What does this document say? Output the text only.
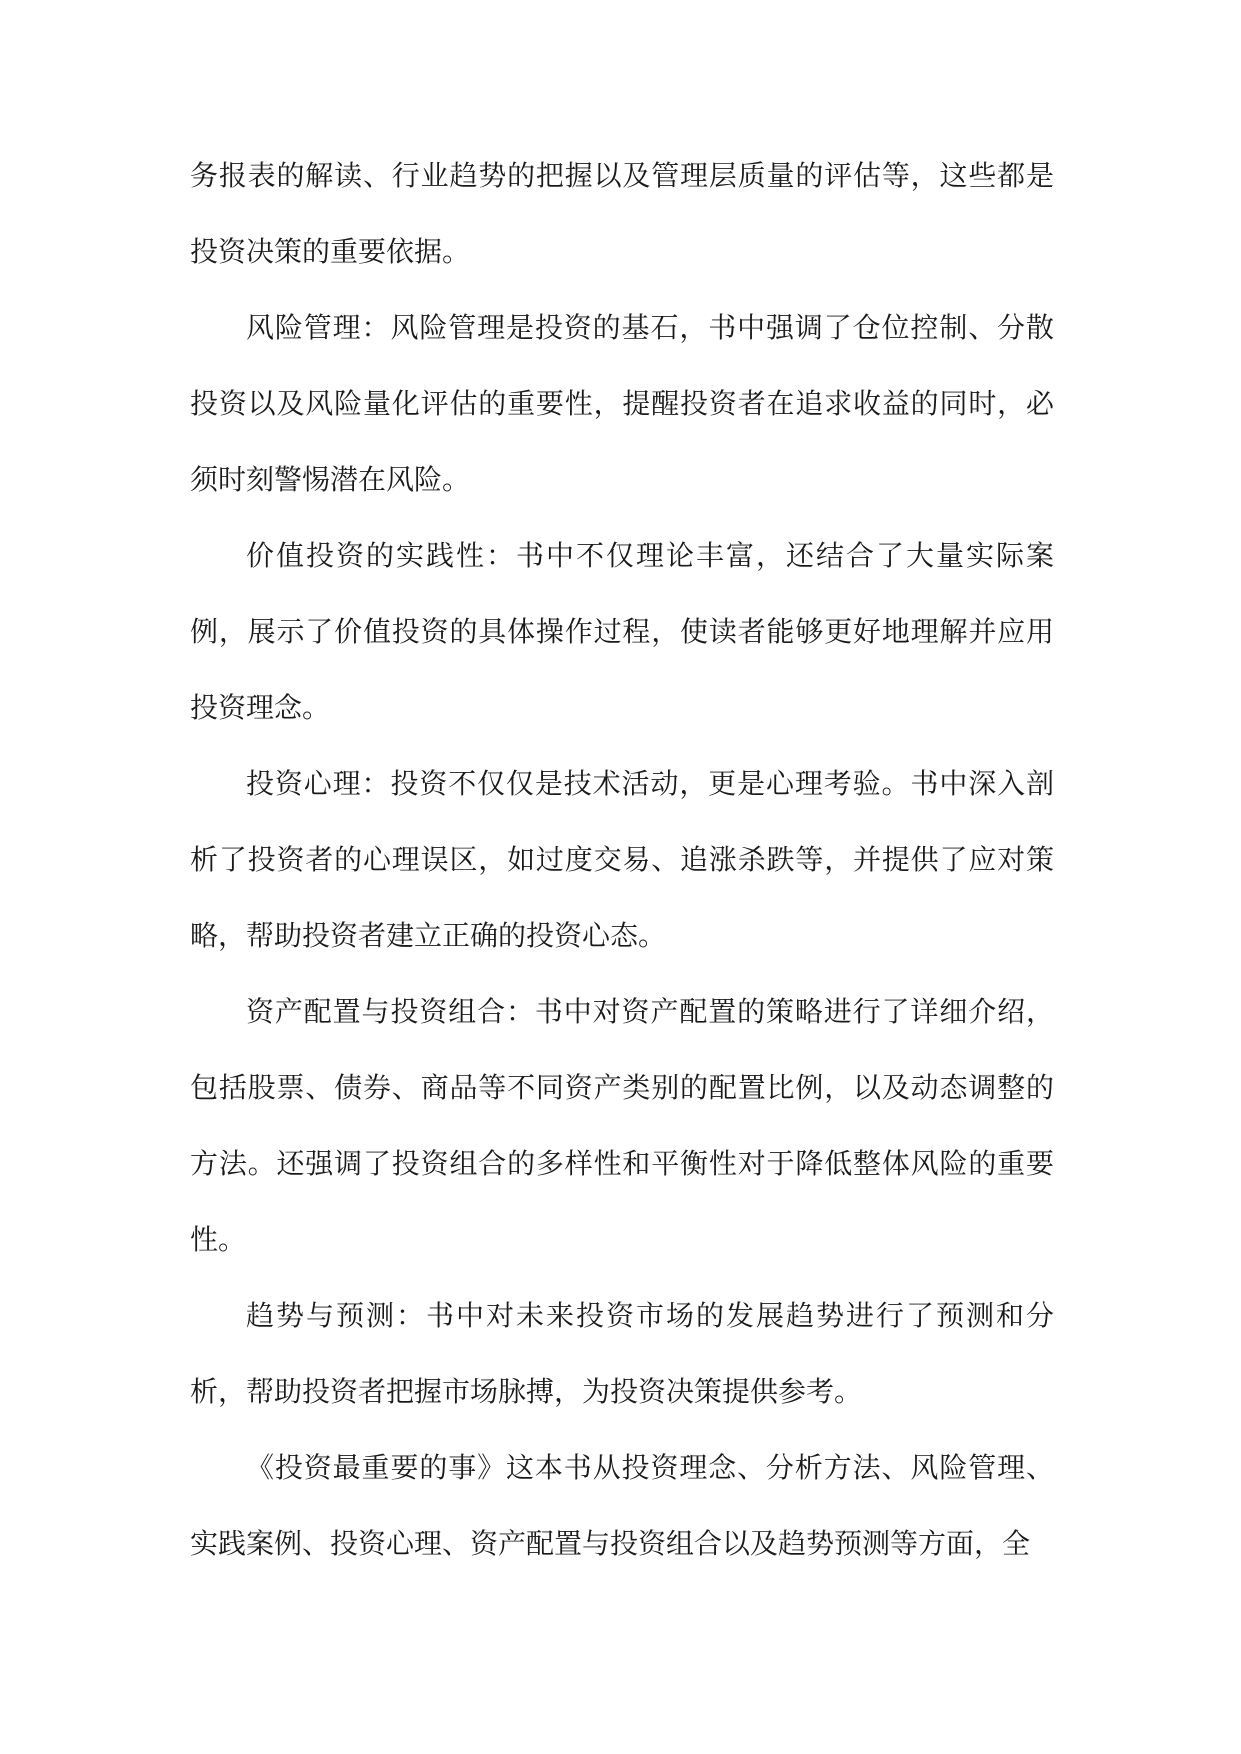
务报表的解读、行业趋势的把握以及管理层质量的评估等，这些都是投资决策的重要依据。

风险管理：风险管理是投资的基石，书中强调了仓位控制、分散投资以及风险量化评估的重要性，提醒投资者在追求收益的同时，必须时刻警惕潜在风险。

价值投资的实践性：书中不仅理论丰富，还结合了大量实际案例，展示了价值投资的具体操作过程，使读者能够更好地理解并应用投资理念。

投资心理：投资不仅仅是技术活动，更是心理考验。书中深入剖析了投资者的心理误区，如过度交易、追涨杀跌等，并提供了应对策略，帮助投资者建立正确的投资心态。

资产配置与投资组合：书中对资产配置的策略进行了详细介绍，包括股票、债券、商品等不同资产类别的配置比例，以及动态调整的方法。还强调了投资组合的多样性和平衡性对于降低整体风险的重要性。

趋势与预测：书中对未来投资市场的发展趋势进行了预测和分析，帮助投资者把握市场脉搏，为投资决策提供参考。

《投资最重要的事》这本书从投资理念、分析方法、风险管理、实践案例、投资心理、资产配置与投资组合以及趋势预测等方面，全
